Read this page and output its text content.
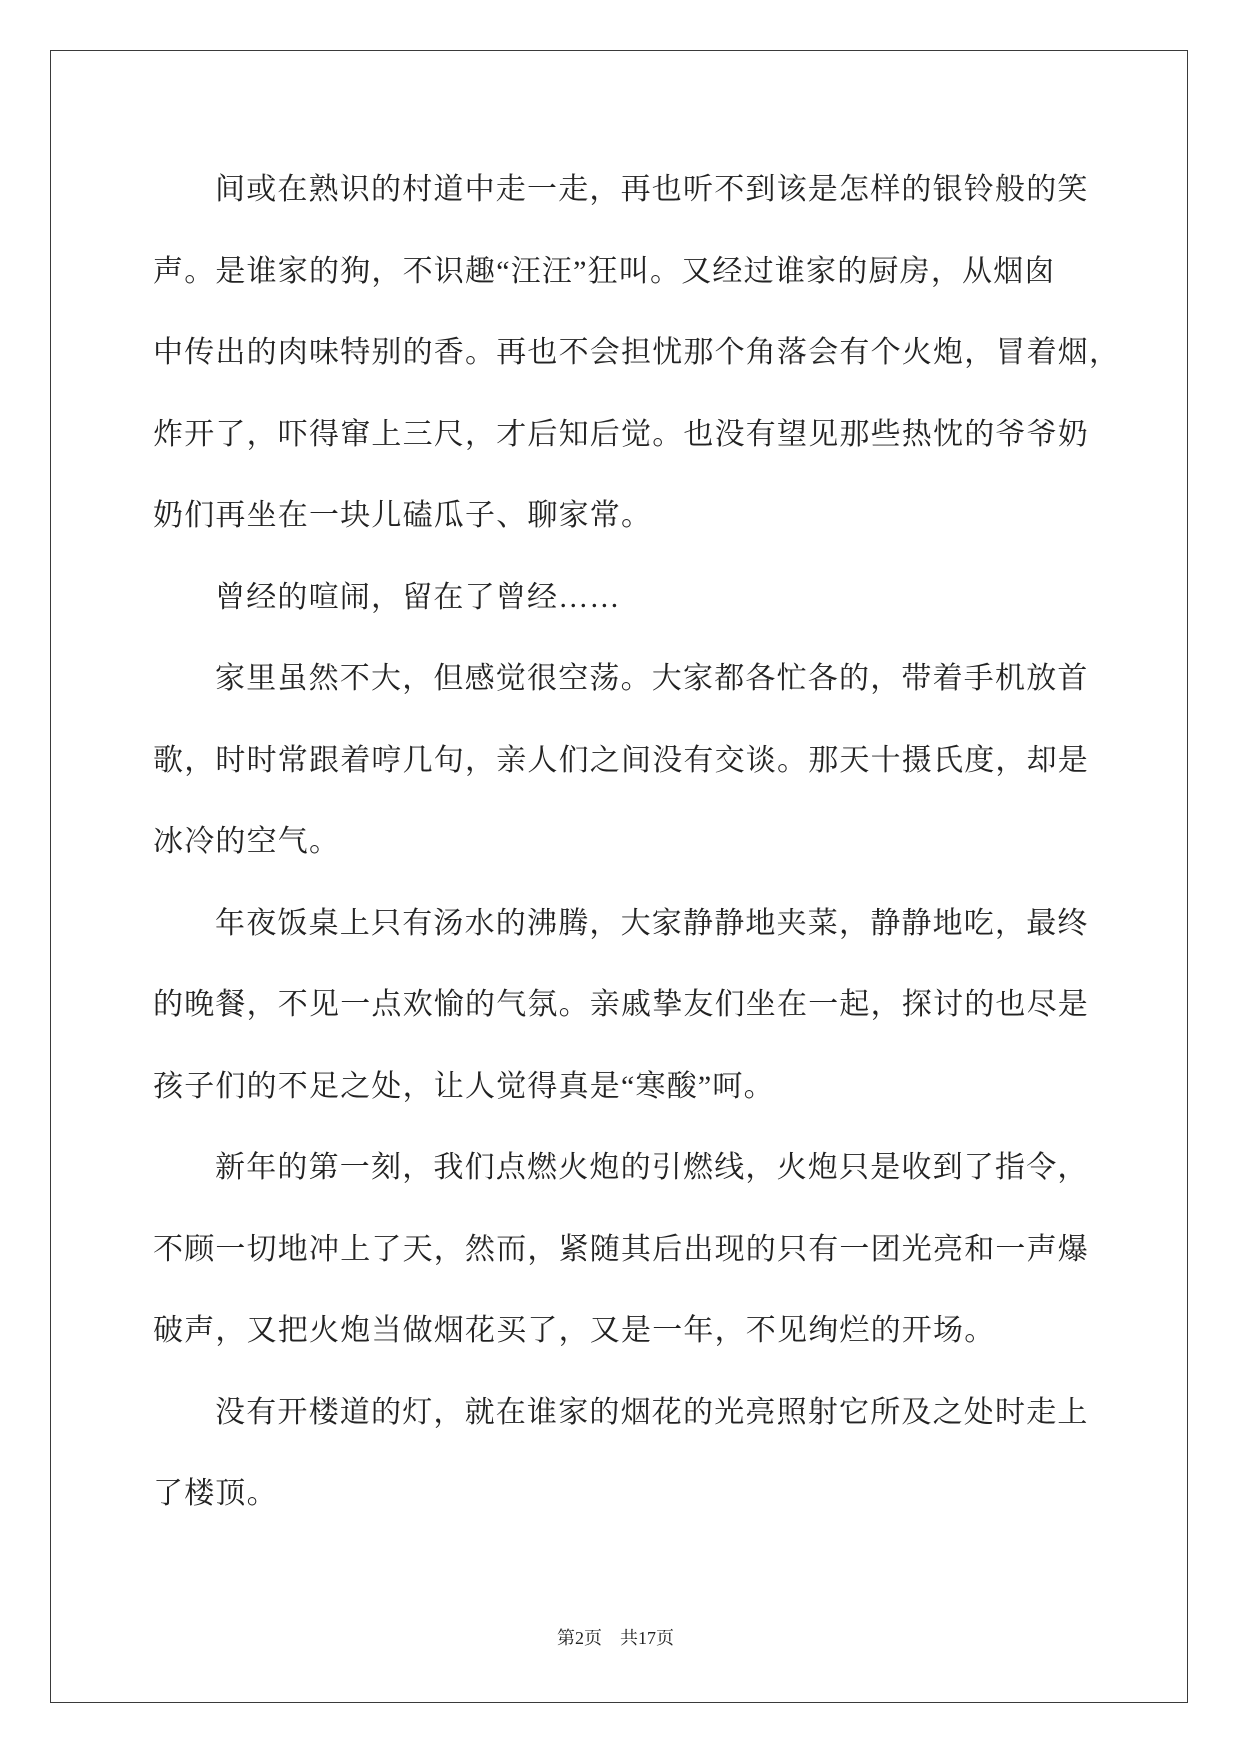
间或在熟识的村道中走一走，再也听不到该是怎样的银铃般的笑
声。是谁家的狗，不识趣“汪汪”狂叫。又经过谁家的厨房，从烟囱
中传出的肉味特别的香。再也不会担忧那个角落会有个火炮，冒着烟，
炸开了，吓得窜上三尺，才后知后觉。也没有望见那些热忱的爷爷奶
奶们再坐在一块儿磕瓜子、聊家常。
曾经的喧闹，留在了曾经……
家里虽然不大，但感觉很空荡。大家都各忙各的，带着手机放首
歌，时时常跟着哼几句，亲人们之间没有交谈。那天十摄氏度，却是
冰冷的空气。
年夜饭桌上只有汤水的沸腾，大家静静地夹菜，静静地吃，最终
的晚餐，不见一点欢愉的气氛。亲戚挚友们坐在一起，探讨的也尽是
孩子们的不足之处，让人觉得真是“寒酸”呵。
新年的第一刻，我们点燃火炮的引燃线，火炮只是收到了指令，
不顾一切地冲上了天，然而，紧随其后出现的只有一团光亮和一声爆
破声，又把火炮当做烟花买了，又是一年，不见绚烂的开场。
没有开楼道的灯，就在谁家的烟花的光亮照射它所及之处时走上
了楼顶。
第2页 共17页
